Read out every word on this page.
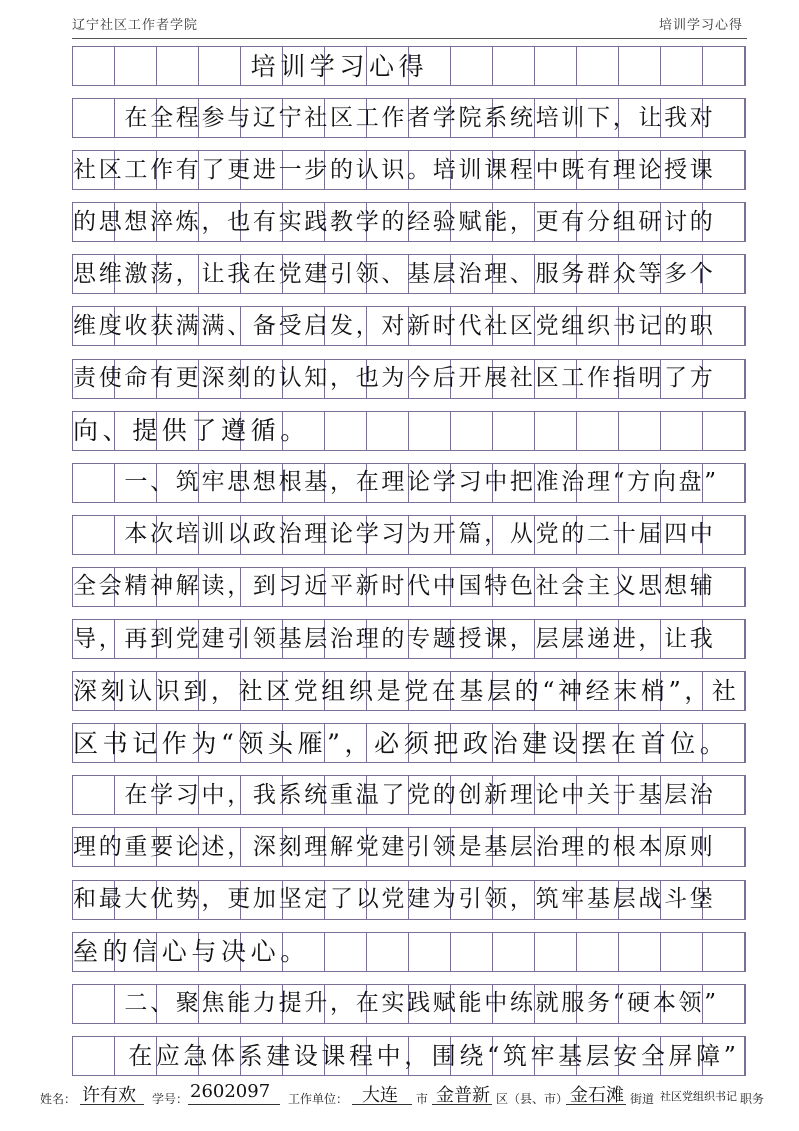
辽宁社区工作者学院	培训学习心得
　　　　　　培训学习心得
　　在全程参与辽宁社区工作者学院系统培训下，让我对
社区工作有了更进一步的认识。培训课程中既有理论授课
的思想淬炼，也有实践教学的经验赋能，更有分组研讨的
思维激荡，让我在党建引领、基层治理、服务群众等多个
维度收获满满、备受启发，对新时代社区党组织书记的职
责使命有更深刻的认知，也为今后开展社区工作指明了方
向、提供了遵循。
　　一、筑牢思想根基，在理论学习中把准治理“方向盘”
　　本次培训以政治理论学习为开篇，从党的二十届四中
全会精神解读，到习近平新时代中国特色社会主义思想辅
导，再到党建引领基层治理的专题授课，层层递进，让我
深刻认识到，社区党组织是党在基层的“神经末梢”，社
区书记作为“领头雁”，必须把政治建设摆在首位。
　　在学习中，我系统重温了党的创新理论中关于基层治
理的重要论述，深刻理解党建引领是基层治理的根本原则
和最大优势，更加坚定了以党建为引领，筑牢基层战斗堡
垒的信心与决心。
　　二、聚焦能力提升，在实践赋能中练就服务“硬本领”
　　在应急体系建设课程中，围绕“筑牢基层安全屏障”
姓名： 许有欢 学号： 2602097 工作单位： 大连 市 金普新 区（县、市） 金石滩 街道 社区党组织书记 职务
